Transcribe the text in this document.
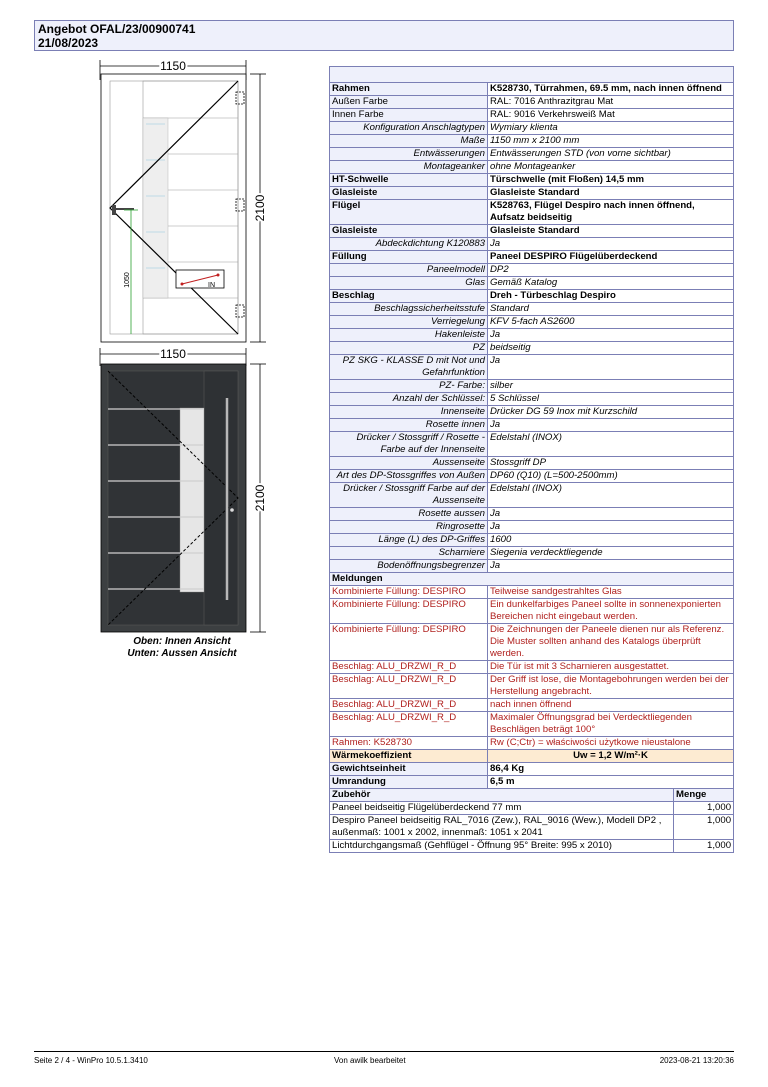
Angebot OFAL/23/00900741
21/08/2023
1150
1050	IN
2100
1150
2100
Oben: Innen Ansicht
Unten: Aussen Ansicht

Rahmen	K528730, Türrahmen, 69.5 mm, nach innen öffnend	
Außen Farbe	RAL: 7016 Anthrazitgrau Mat	
Innen Farbe	RAL: 9016 Verkehrsweiß Mat	
Konfiguration Anschlagtypen	Wymiary klienta	
Maße	1150 mm x 2100 mm	
Entwässerungen	Entwässerungen STD (von vorne sichtbar)	
Montageanker	ohne Montageanker	
HT-Schwelle	Türschwelle (mit Floßen) 14,5 mm	
Glasleiste	Glasleiste Standard	
Flügel	K528763, Flügel Despiro nach innen öffnend, Aufsatz beidseitig	
Glasleiste	Glasleiste Standard	
Abdeckdichtung K120883	Ja	
Füllung	Paneel DESPIRO Flügelüberdeckend	
Paneelmodell	DP2	
Glas	Gemäß Katalog	
Beschlag	Dreh - Türbeschlag Despiro	
Beschlagssicherheitsstufe	Standard	
Verriegelung	KFV 5-fach AS2600	
Hakenleiste	Ja	
PZ	beidseitig	
PZ SKG - KLASSE D mit Not und Gefahrfunktion	Ja	
PZ- Farbe:	silber	
Anzahl der Schlüssel:	5 Schlüssel	
Innenseite	Drücker DG 59 Inox mit Kurzschild	
Rosette innen	Ja	
Drücker / Stossgriff / Rosette - Farbe auf der Innenseite	Edelstahl (INOX)	
Aussenseite	Stossgriff DP	
Art des DP-Stossgriffes von Außen	DP60 (Q10) (L=500-2500mm)	
Drücker / Stossgriff Farbe auf der Aussenseite	Edelstahl (INOX)	
Rosette aussen	Ja	
Ringrosette	Ja	
Länge (L) des DP-Griffes	1600	
Scharniere	Siegenia verdecktliegende	
Bodenöffnungsbegrenzer	Ja	
Meldungen		
Kombinierte Füllung: DESPIRO	Teilweise sandgestrahltes Glas	
Kombinierte Füllung: DESPIRO	Ein dunkelfarbiges Paneel sollte in sonnenexponierten Bereichen nicht eingebaut werden.	
Kombinierte Füllung: DESPIRO	Die Zeichnungen der Paneele dienen nur als Referenz. Die Muster sollten anhand des Katalogs überprüft werden.	
Beschlag: ALU_DRZWI_R_D	Die Tür ist mit 3 Scharnieren ausgestattet.	
Beschlag: ALU_DRZWI_R_D	Der Griff ist lose, die Montagebohrungen werden bei der Herstellung angebracht.	
Beschlag: ALU_DRZWI_R_D	nach innen öffnend	
Beschlag: ALU_DRZWI_R_D	Maximaler Öffnungsgrad bei Verdecktliegenden Beschlägen beträgt 100°	
Rahmen: K528730	Rw (C;Ctr) = właściwości użytkowe nieustalone	
Wärmekoeffizient	Uw = 1,2 W/m²·K	
Gewichtseinheit	86,4 Kg	
Umrandung	6,5 m	
Zubehör		Menge
Paneel beidseitig Flügelüberdeckend 77 mm		1,000
Despiro Paneel beidseitig RAL_7016 (Zew.), RAL_9016 (Wew.), Modell DP2 , außenmaß: 1001 x 2002, innenmaß: 1051 x 2041		1,000
Lichtdurchgangsmaß (Gehflügel - Öffnung 95° Breite: 995 x 2010)		1,000
Seite 2 / 4 - WinPro 10.5.1.3410	Von awilk bearbeitet	2023-08-21 13:20:36
